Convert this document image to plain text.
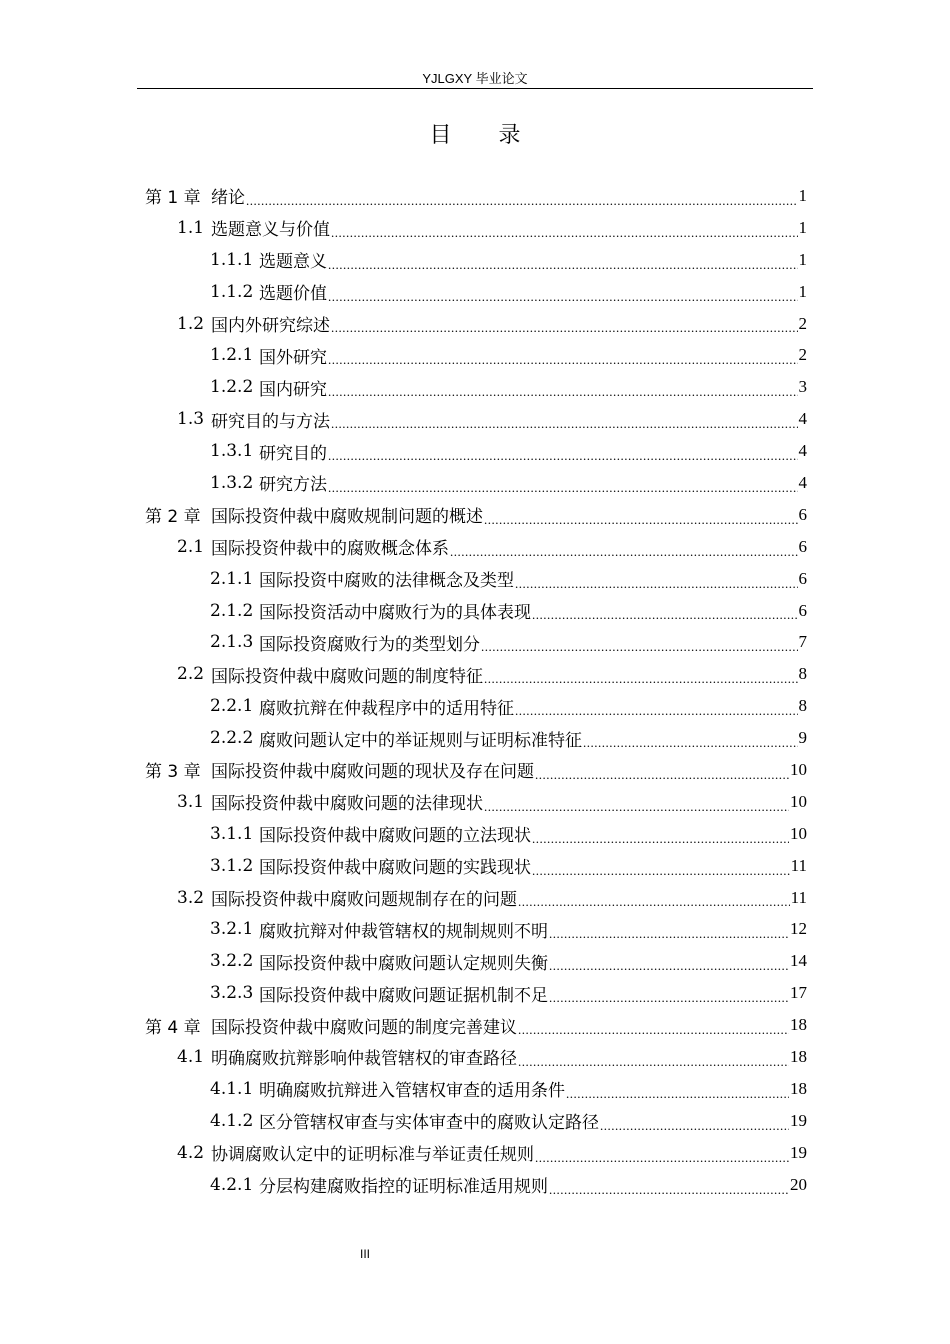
YJLGXY 毕业论文
目 录
第 1 章 绪论 .....	1
1.1 选题意义与价值 .....	1
1.1.1 选题意义 .....	1
1.1.2 选题价值 .....	1
1.2 国内外研究综述 .....	2
1.2.1 国外研究 .....	2
1.2.2 国内研究 .....	3
1.3 研究目的与方法 .....	4
1.3.1 研究目的 .....	4
1.3.2 研究方法 .....	4
第 2 章 国际投资仲裁中腐败规制问题的概述 .....	6
2.1 国际投资仲裁中的腐败概念体系 .....	6
2.1.1 国际投资中腐败的法律概念及类型 .....	6
2.1.2 国际投资活动中腐败行为的具体表现 .....	6
2.1.3 国际投资腐败行为的类型划分 .....	7
2.2 国际投资仲裁中腐败问题的制度特征 .....	8
2.2.1 腐败抗辩在仲裁程序中的适用特征 .....	8
2.2.2 腐败问题认定中的举证规则与证明标准特征 .....	9
第 3 章 国际投资仲裁中腐败问题的现状及存在问题 .....	10
3.1 国际投资仲裁中腐败问题的法律现状 .....	10
3.1.1 国际投资仲裁中腐败问题的立法现状 .....	10
3.1.2 国际投资仲裁中腐败问题的实践现状 .....	11
3.2 国际投资仲裁中腐败问题规制存在的问题 .....	11
3.2.1 腐败抗辩对仲裁管辖权的规制规则不明 .....	12
3.2.2 国际投资仲裁中腐败问题认定规则失衡 .....	14
3.2.3 国际投资仲裁中腐败问题证据机制不足 .....	17
第 4 章 国际投资仲裁中腐败问题的制度完善建议 .....	18
4.1 明确腐败抗辩影响仲裁管辖权的审查路径 .....	18
4.1.1 明确腐败抗辩进入管辖权审查的适用条件 .....	18
4.1.2 区分管辖权审查与实体审查中的腐败认定路径 .....	19
4.2 协调腐败认定中的证明标准与举证责任规则 .....	19
4.2.1 分层构建腐败指控的证明标准适用规则 .....	20
III
